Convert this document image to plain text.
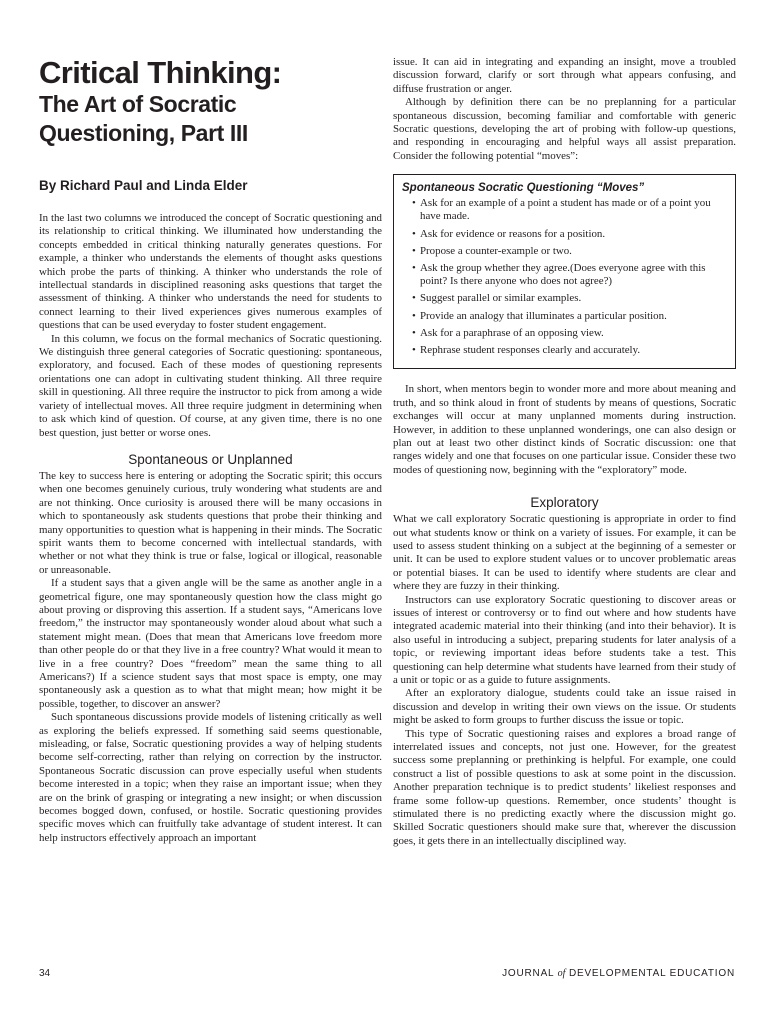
Critical Thinking:
The Art of Socratic
Questioning, Part III
By Richard Paul and Linda Elder

In the last two columns we introduced the concept of Socratic questioning and its relationship to critical thinking. We illuminated how understanding the concepts embedded in critical thinking naturally generates questions. For example, a thinker who understands the elements of thought asks questions which probe the parts of thinking. A thinker who understands the role of intellectual standards in disciplined reasoning asks questions that target the assessment of thinking. A thinker who understands the need for students to connect learning to their lived experiences gives numerous examples of questions that can be used everyday to foster student engagement.

In this column, we focus on the formal mechanics of Socratic questioning. We distinguish three general categories of Socratic questioning: spontaneous, exploratory, and focused. Each of these modes of questioning represents orientations one can adopt in cultivating student thinking. All three require skill in questioning. All three require the instructor to pick from among a wide variety of intellectual moves. All three require judgment in determining when to ask which kind of question. Of course, at any given time, there is no one best question, just better or worse ones.

Spontaneous or Unplanned

The key to success here is entering or adopting the Socratic spirit; this occurs when one becomes genuinely curious, truly wondering what students are and are not thinking. Once curiosity is aroused there will be many occasions in which to spontaneously ask students questions that probe their thinking and many opportunities to question what is happening in their minds. The Socratic spirit wants them to become concerned with intellectual standards, with whether or not what they think is true or false, logical or illogical, reasonable or unreasonable.

If a student says that a given angle will be the same as another angle in a geometrical figure, one may spontaneously question how the class might go about proving or disproving this assertion. If a student says, “Americans love freedom,” the instructor may spontaneously wonder aloud about what such a statement might mean. (Does that mean that Americans love freedom more than other people do or that they live in a free country? What would it mean to live in a free country? Does “freedom” mean the same thing to all Americans?) If a science student says that most space is empty, one may spontaneously ask a question as to what that might mean; how might it be possible, together, to discover an answer?

Such spontaneous discussions provide models of listening critically as well as exploring the beliefs expressed. If something said seems questionable, misleading, or false, Socratic questioning provides a way of helping students become self-correcting, rather than relying on correction by the instructor. Spontaneous Socratic discussion can prove especially useful when students become interested in a topic; when they raise an important issue; when they are on the brink of grasping or integrating a new insight; or when discussion becomes bogged down, confused, or hostile. Socratic questioning provides specific moves which can fruitfully take advantage of student interest. It can help instructors effectively approach an important

issue. It can aid in integrating and expanding an insight, move a troubled discussion forward, clarify or sort through what appears confusing, and diffuse frustration or anger.

Although by definition there can be no preplanning for a particular spontaneous discussion, becoming familiar and comfortable with generic Socratic questions, developing the art of probing with follow-up questions, and responding in encouraging and helpful ways all assist preparation. Consider the following potential “moves”:

Spontaneous Socratic Questioning “Moves”
• Ask for an example of a point a student has made or of a point you have made.
• Ask for evidence or reasons for a position.
• Propose a counter-example or two.
• Ask the group whether they agree.(Does everyone agree with this point? Is there anyone who does not agree?)
• Suggest parallel or similar examples.
• Provide an analogy that illuminates a particular position.
• Ask for a paraphrase of an opposing view.
• Rephrase student responses clearly and accurately.

In short, when mentors begin to wonder more and more about meaning and truth, and so think aloud in front of students by means of questions, Socratic exchanges will occur at many unplanned moments during instruction. However, in addition to these unplanned wonderings, one can also design or plan out at least two other distinct kinds of Socratic discussion: one that ranges widely and one that focuses on one particular issue. Consider these two modes of questioning now, beginning with the “exploratory” mode.

Exploratory

What we call exploratory Socratic questioning is appropriate in order to find out what students know or think on a variety of issues. For example, it can be used to assess student thinking on a subject at the beginning of a semester or unit. It can be used to explore student values or to uncover problematic areas or potential biases. It can be used to identify where students are clear and where they are fuzzy in their thinking.

Instructors can use exploratory Socratic questioning to discover areas or issues of interest or controversy or to find out where and how students have integrated academic material into their thinking (and into their behavior). It is also useful in introducing a subject, preparing students for later analysis of a topic, or reviewing important ideas before students take a test. This questioning can help determine what students have learned from their study of a unit or topic or as a guide to future assignments.

After an exploratory dialogue, students could take an issue raised in discussion and develop in writing their own views on the issue. Or students might be asked to form groups to further discuss the issue or topic.

This type of Socratic questioning raises and explores a broad range of interrelated issues and concepts, not just one. However, for the greatest success some preplanning or prethinking is helpful. For example, one could construct a list of possible questions to ask at some point in the discussion. Another preparation technique is to predict students’ likeliest responses and frame some follow-up questions. Remember, once students’ thought is stimulated there is no predicting exactly where the discussion might go. Skilled Socratic questioners should make sure that, wherever the discussion goes, it gets there in an intellectually disciplined way.

34	JOURNAL of DEVELOPMENTAL EDUCATION
